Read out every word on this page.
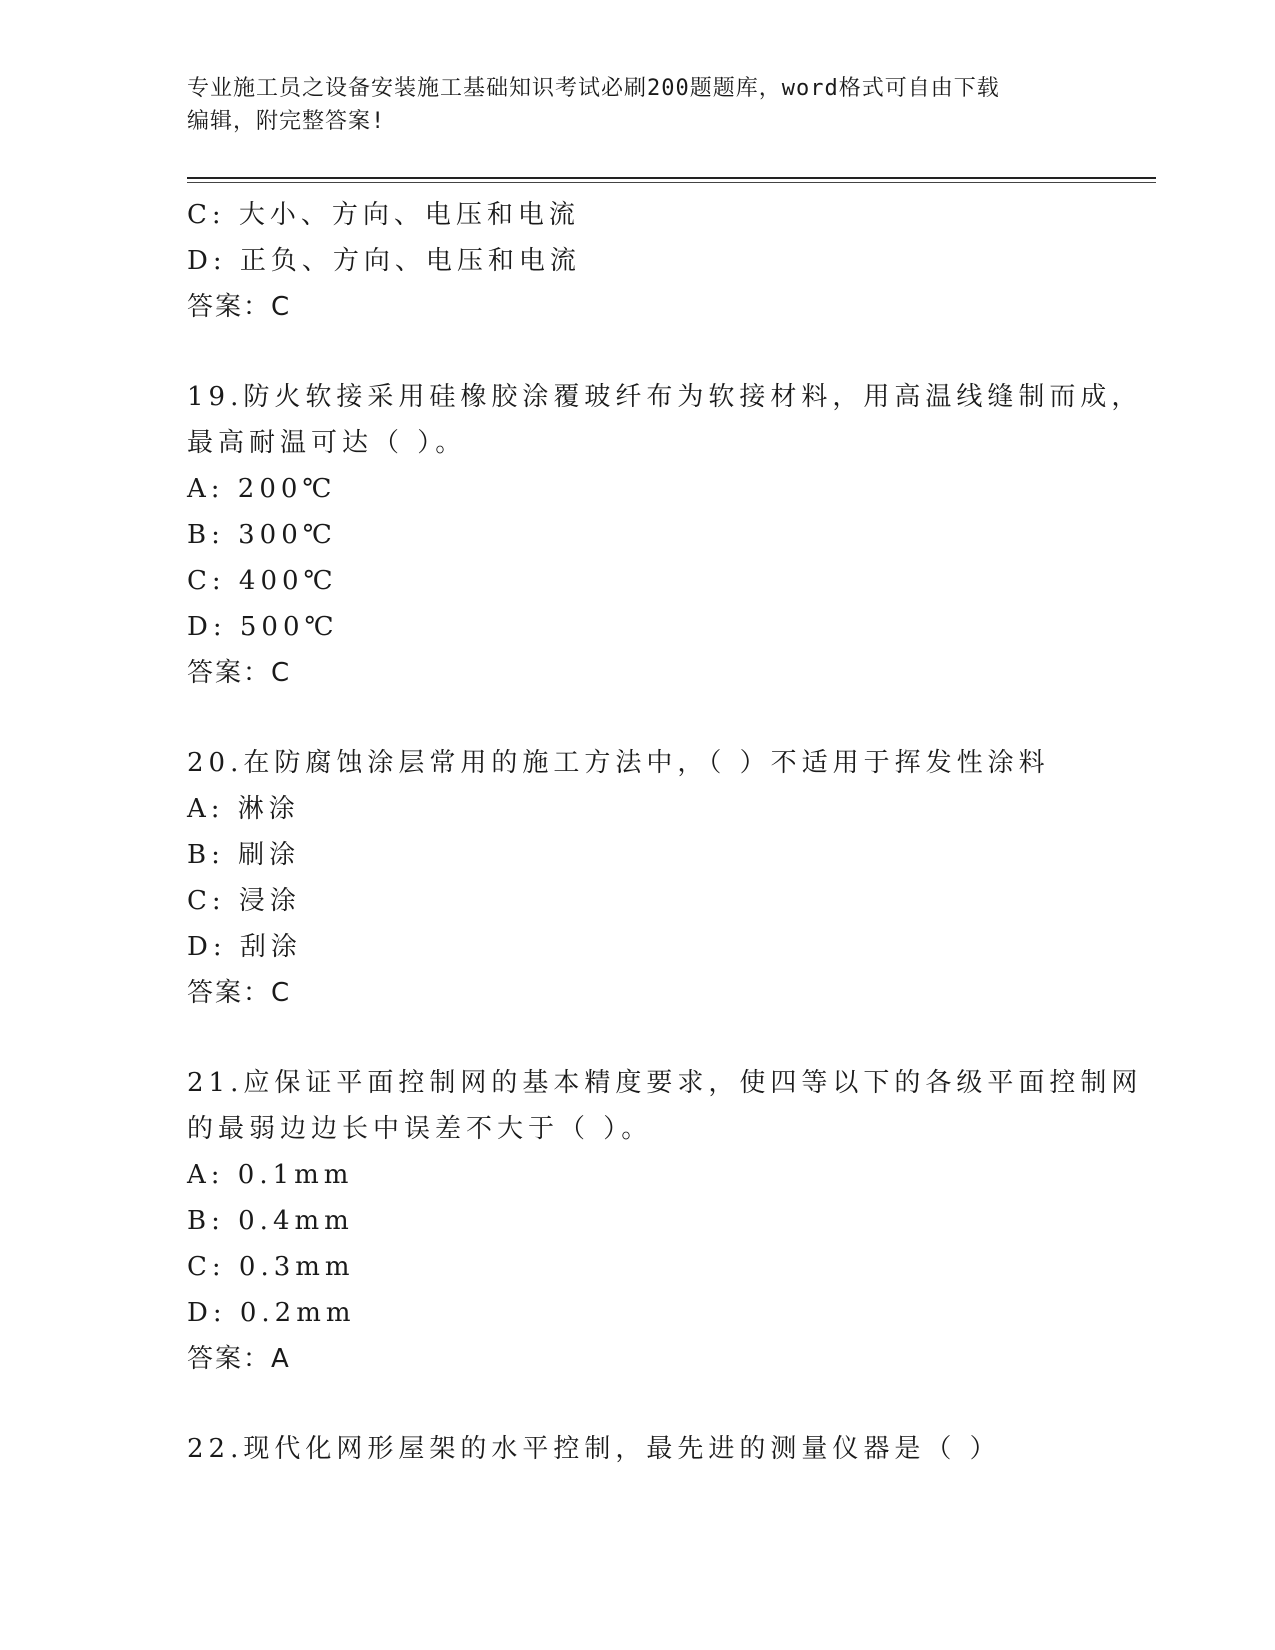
专业施工员之设备安装施工基础知识考试必刷200题题库，word格式可自由下载
编辑，附完整答案!
C: 大小、方向、电压和电流
D: 正负、方向、电压和电流
答案：C
19.防火软接采用硅橡胶涂覆玻纤布为软接材料，用高温线缝制而成，
最高耐温可达（ ）。
A: 200℃
B: 300℃
C: 400℃
D: 500℃
答案：C
20.在防腐蚀涂层常用的施工方法中，（ ）不适用于挥发性涂料
A: 淋涂
B: 刷涂
C: 浸涂
D: 刮涂
答案：C
21.应保证平面控制网的基本精度要求，使四等以下的各级平面控制网
的最弱边边长中误差不大于（ ）。
A: 0.1mm
B: 0.4mm
C: 0.3mm
D: 0.2mm
答案：A
22.现代化网形屋架的水平控制，最先进的测量仪器是（ ）
